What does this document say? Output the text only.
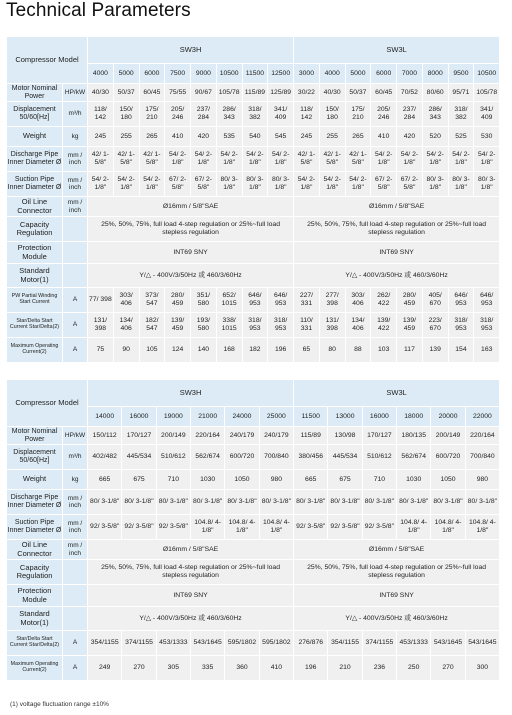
Technical Parameters
Compressor Model		SW3H								SW3L							
		4000	5000	6000	7500	9000	10500	11500	12500	3000	4000	5000	6000	7000	8000	9500	10500
Motor Nominal Power	HP/kW	40/30	50/37	60/45	75/55	90/67	105/78	115/89	125/89	30/22	40/30	50/37	60/45	70/52	80/60	95/71	105/78
Displacement 50/60[Hz]	m³/h	118/ 142	150/ 180	175/ 210	205/ 246	237/ 284	286/ 343	318/ 382	341/ 409	118/ 142	150/ 180	175/ 210	205/ 246	237/ 284	286/ 343	318/ 382	341/ 409
Weight	kg	245	255	265	410	420	535	540	545	245	255	265	410	420	520	525	530
Discharge Pipe Inner Diameter Ø	mm / inch	42/ 1-5/8"	42/ 1-5/8"	42/ 1-5/8"	54/ 2-1/8"	54/ 2-1/8"	54/ 2-1/8"	54/ 2-1/8"	54/ 2-1/8"	42/ 1-5/8"	42/ 1-5/8"	42/ 1-5/8"	54/ 2-1/8"	54/ 2-1/8"	54/ 2-1/8"	54/ 2-1/8"	54/ 2-1/8"
Suction Pipe Inner Diameter Ø	mm / inch	54/ 2-1/8"	54/ 2-1/8"	54/ 2-1/8"	67/ 2-5/8"	67/ 2-5/8"	80/ 3-1/8"	80/ 3-1/8"	80/ 3-1/8"	54/ 2-1/8"	54/ 2-1/8"	54/ 2-1/8"	67/ 2-5/8"	67/ 2-5/8"	80/ 3-1/8"	80/ 3-1/8"	80/ 3-1/8"
Oil Line Connector	mm / inch	Ø16mm / 5/8"SAE								Ø16mm / 5/8"SAE							
Capacity Regulation		25%, 50%, 75%, full load 4-step regulation or 25%~full load stepless regulation								25%, 50%, 75%, full load 4-step regulation or 25%~full load stepless regulation							
Protection Module		INT69 SNY								INT69 SNY							
Standard Motor(1)		Y/△ - 400V/3/50Hz 或 460/3/60Hz								Y/△ - 400V/3/50Hz 或 460/3/60Hz							
PW Partial Winding Start Current	A	77/ 398	303/ 406	373/ 547	280/ 459	351/ 580	652/ 1015	646/ 953	646/ 953	227/ 331	277/ 398	303/ 406	262/ 422	280/ 459	405/ 670	646/ 953	646/ 953
Star/Delta Start Current Star/Delta(2)	A	131/ 398	134/ 406	182/ 547	139/ 459	193/ 580	338/ 1015	318/ 953	318/ 953	110/ 331	131/ 398	134/ 406	139/ 422	139/ 459	223/ 670	318/ 953	318/ 953
Maximum Operating Current(2)	A	75	90	105	124	140	168	182	196	65	80	88	103	117	139	154	163
Compressor Model		SW3H						SW3L					
		14000	16000	19000	21000	24000	25000	11500	13000	16000	18000	20000	22000
Motor Nominal Power	HP/kW	150/112	170/127	200/149	220/164	240/179	240/179	115/89	130/98	170/127	180/135	200/149	220/164
Displacement 50/60[Hz]	m³/h	402/482	445/534	510/612	562/674	600/720	700/840	380/456	445/534	510/612	562/674	600/720	700/840
Weight	kg	665	675	710	1030	1050	980	665	675	710	1030	1050	980
Discharge Pipe Inner Diameter Ø	mm / inch	80/ 3-1/8"	80/ 3-1/8"	80/ 3-1/8"	80/ 3-1/8"	80/ 3-1/8"	80/ 3-1/8"	80/ 3-1/8"	80/ 3-1/8"	80/ 3-1/8"	80/ 3-1/8"	80/ 3-1/8"	80/ 3-1/8"
Suction Pipe Inner Diameter Ø	mm / inch	92/ 3-5/8"	92/ 3-5/8"	92/ 3-5/8"	104.8/ 4-1/8"	104.8/ 4-1/8"	104.8/ 4-1/8"	92/ 3-5/8"	92/ 3-5/8"	92/ 3-5/8"	104.8/ 4-1/8"	104.8/ 4-1/8"	104.8/ 4-1/8"
Oil Line Connector	mm / inch	Ø16mm / 5/8"SAE						Ø16mm / 5/8"SAE					
Capacity Regulation		25%, 50%, 75%, full load 4-step regulation or 25%~full load stepless regulation						25%, 50%, 75%, full load 4-step regulation or 25%~full load stepless regulation					
Protection Module		INT69 SNY						INT69 SNY					
Standard Motor(1)		Y/△ - 400V/3/50Hz 或 460/3/60Hz						Y/△ - 400V/3/50Hz 或 460/3/60Hz					
Star/Delta Start Current Star/Delta(2)	A	354/1155	374/1155	453/1333	543/1645	595/1802	595/1802	276/876	354/1155	374/1155	453/1333	543/1645	543/1645
Maximum Operating Current(2)	A	249	270	305	335	360	410	196	210	236	250	270	300
(1) voltage fluctuation range ±10%
